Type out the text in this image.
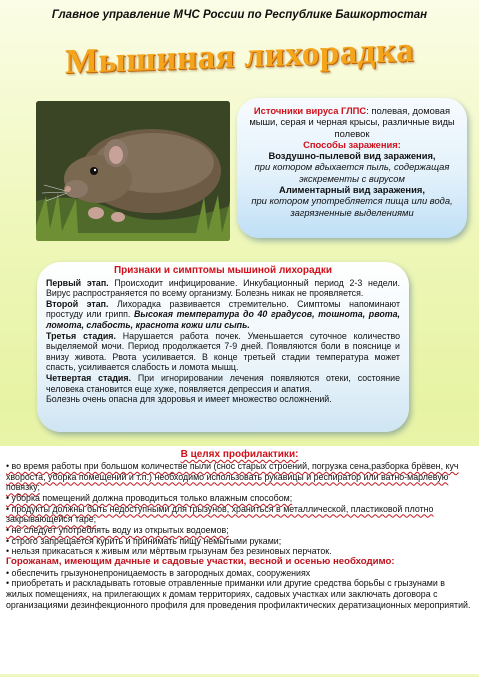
Главное управление МЧС России по Республике Башкортостан
Мышиная лихорадка
Источники вируса ГЛПС: полевая, домовая мыши, серая и черная крысы, различные виды полевок
Способы заражения:
Воздушно-пылевой вид заражения,
при котором вдыхается пыль, содержащая экскременты с вирусом
Алиментарный вид заражения,
при котором употребляется пища или вода, загрязненные выделениями
Признаки и симптомы мышиной лихорадки

Первый этап. Происходит инфицирование. Инкубационный период 2-3 недели. Вирус распространяется по всему организму. Болезнь никак не проявляется.

Второй этап. Лихорадка развивается стремительно. Симптомы напоминают простуду или грипп. Высокая температура до 40 градусов, тошнота, рвота, ломота, слабость, краснота кожи или сыпь.

Третья стадия. Нарушается работа почек. Уменьшается суточное количество выделяемой мочи. Период продолжается 7-9 дней. Появляются боли в пояснице и внизу живота. Рвота усиливается. В конце третьей стадии температура может спасть, усиливается слабость и ломота мышц.

Четвертая стадия. При игнорировании лечения появляются отеки, состояние человека становится еще хуже, появляется депрессия и апатия.

Болезнь очень опасна для здоровья и имеет множество осложнений.

В целях профилактики:
• во время работы при большом количестве пыли (снос старых строений, погрузка сена,разборка брёвен, куч хвороста, уборка помещений и т.п.) необходимо использовать рукавицы и респиратор или ватно-марлевую повязку;
• уборка помещений должна проводиться только влажным способом;
• продукты должны быть недоступными для грызунов, храниться в металлической, пластиковой плотно закрывающейся таре;
• не следует употреблять воду из открытых водоемов;
• строго запрещается курить и принимать пищу немытыми руками;
• нельзя прикасаться к живым или мёртвым грызунам без резиновых перчаток.
Горожанам, имеющим дачные и садовые участки, весной и осенью необходимо:
• обеспечить грызунонепроницаемость в загородных домах, сооружениях
• приобретать и раскладывать готовые отравленные приманки или другие средства борьбы с грызунами в жилых помещениях, на прилегающих к домам территориях, садовых участках или заключать договора с организациями дезинфекционного профиля для проведения профилактических дератизационных мероприятий.
